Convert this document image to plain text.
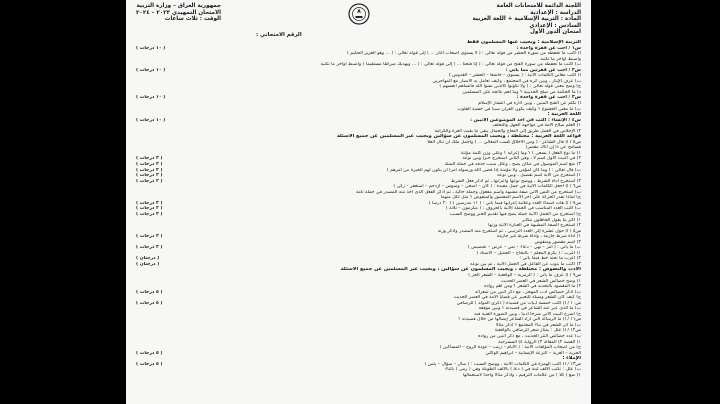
اللجنة الدائمة للامتحانات العامة
الدراسة : الإعدادية
المادة : التربية الإسلامية + اللغة العربية
السادس : الإعدادي
امتحان الدور الأول
جمهورية العراق – وزارة التربية
الامتحان التمهيدي ٢٠٢٣ – ٢٠٢٤
الوقت : ثلاث ساعات
الرقم الامتحاني :
التربية الإسلامية : ويجيب عنها المسلمون فقط
س١ / أجب عن فقرة واحدة :
( ١٠ درجات )
أ) اكتب ما تحفظه من سورة الحشر من قوله تعالى : ( لا يستوي أصحاب النار ... ) إلى قوله تعالى : ( ... وهو العزيز الحكيم )
واضبط أواخر ما تكتبه
ب) اكتب ما تحفظه من سورة الفتح من قوله تعالى : ( إنا فتحنا ... ) إلى قوله تعالى : ( ... ويهديك صراطا مستقيما ) واضبط أواخر ما تكتبه
س٢ / أجب عن فقرتين مما يأتي :
( ١٠ درجات )
أ) اكتب معاني الكلمات الآتية : ( يستوي – خاشعا – الحشر – القدوس )
ب) عرف الإيثار ، وبين أثره في المجتمع ، وكيف تعامل به الأنصار مع المهاجرين
ج) وضح معنى قوله تعالى : ( ولا تكونوا كالذين نسوا الله فأنساهم أنفسهم )
د) ما الحكمة من صلح الحديبية ؟ وما أهم نتائجه على المسلمين
س٣ / أجب عن فقرة واحدة :
( ١٠ درجات )
أ) تكلم عن الفتح المبين ، وبين آثاره في انتشار الإسلام
ب) ما معنى الخشوع ؟ وكيف يكون القرآن سببا في خشية القلوب
اللغة العربية :
س٤ / الإنشاء : اكتب في أحد الموضوعين الآتيين :
( ١٠ درجات )
١) العلم سلاح الأمة في مواجهة الجهل والتخلف
٢) الإخلاص في العمل طريق إلى النجاح والجمال يبقى ما بقيت العزة والكرامة
قواعد اللغة العربية : مختلطة ، ويجيب المسلمون عن سؤالين ويجيب غير المسلمين عن جميع الأسئلة
س٥ / أ) قال الشاعر : ( ومن الأخلاق كسب المعالي ... ) وأجمل ملك أن تنال العلا
فسامح عن ذا إن أتاك مقصرا
١) ما نوع الفعل ( يسعى ) ؟ وما إعرابه ؟ وعلى وزن كلمة مؤنثة
٢) في البيت الأول اسم لا ، وفي الثاني استخرج خبرا وبين نوعه
( ٣ درجات )
٣) ضع اسم الموصول في مكان يصح ، وعلل سبب حذفه في جملة الصلة
( ٣ درجات )
ب) قال تعالى : ( وما كان لمؤمن ولا مؤمنة إذا قضى الله ورسوله أمرا أن يكون لهم الخيرة من أمرهم )
( ٣ درجات )
١) استخرج من الآية اسم تفضيل ، وبين نوعه
( ٣ درجات )
٢) استخرج أداة الشرط ، ووضح نوعها وأعرابها ، ثم اذكر فعل الشرط
( ٢ درجات )
س٦ / أ) اجعل الكلمات الآتية في جمل مفيدة : ( كان – أضحى – وسوس – ازدحم – استغفر – زكى )
ب) استخرج من النص الآتي صفة مشبهة واسم مفعول وجملة حالية ، ثم اذكر الفعل الذي أخذ منه المصدر في جملة تامة
ج) لماذا تقدر الحركة على آخر الاسم المقصور والمنقوص ؟ مثل لكل منهما
س٧ / أ) هات أسماء العدد وعلامة إعرابها فيما يأتي : ( ١١ مدرسين ) ( ٢٠ درسا )
( ٣ درجات )
ب) اكتب العدد المناسب في الجملة الآتية بالحروف : ( مكرمون – ثلاثة )
( ٣ درجات )
ج) استخرج من الجمل الآتية جملة يصح فيها تقديم الخبر ووضح السبب
( ٣ درجات )
١) أكثر ما يقول الجاهلون مكابر
٢) استخرج الصفة المشبهة في العبارة الآتية وزنها
س٨ / أ) حول عشرة إلى العدد الترتيبي ، ثم استخرج منه المصدر واذكر وزنه
١) أداة شرط جازمة ، وأداة شرط غير جازمة
( ٣ درجات )
٢) اسم مقصور ومنقوص
ب) ما يأتي : ( أمر – نهي – دعاء – تمن – عرض – تحضيض )
( ٣ درجات )
١) أعرب : ( يكرم المعلم – بالنجاح – الجميل – الأستاذ )
٢) أعرب ما تحته خط فيما يأتي :
( درجتان )
٣) اكتب ما ينوب عن الفاعل في الجمل الآتية ، ثم بين نوعه
( درجتان )
الأدب والنصوص : مختلطة ، ويجيب المسلمون عن سؤالين ، ويجيب غير المسلمين عن جميع الأسئلة
س٩ / أ) عرف ما يأتي : ( الرمزية – الواقعية – الشعر الحر )
١) وضح خصائص الشعر في العصر الحديث
٢) ما المقصود بالتجديد في الشعر ؟ ومن أهم رواده
ب) اذكر خصائص أدب المهجر ، مع ذكر اثنين من شعرائه
( ٥ درجات )
ج) كيف كان الشعر وسيلة للتعبير عن قضايا الأمة في العصر الحديث
س١٠ / أ) اكتب خمسة أبيات من قصيدة ( ذكرى المولد ) للرصافي
( ٥ درجات )
ب) ما الذي عبر عنه الشاعر في قصيدته ؟ وبين موقفه
ج) اشرح البيت الآتي شرحا أدبيا ، وبين الصورة الفنية فيه
س١١ / أ) ما الرسالة التي أراد الشاعر إيصالها من خلال قصيدته ؟
ب) ما أثر الشعر في بناء المجتمع ؟ اذكر مثالا
س١٢ / أ) علل : يمتاز شعر الرصافي بالواقعية
ب) عدد خصائص النثر الحديث ، مع ذكر اثنين من رواده
١) القصة ٢) المقالة ٣) الرواية ٤) المسرحية
ج) من أصحاب المؤلفات الآتية : ( الأيام – زينب – عودة الروح – المساكين )
الحرية – الغربة – النزعة الإنسانية – ابراهيم الوائلي
( ٥ درجات )
الإملاء :
س١٣ / أ) اكتب الهمزة في الكلمات الآتية ، ووضح السبب : ( سأل – سؤال – يئس )
( ٥ درجات )
ب) علل : تكتب الألف لينة في ( دعا ) بالألف الطويلة وفي ( رمى ) بالياء
١) ضع ( كلا ) من علامات الترقيم ، واذكر مثالا واحدا لاستعمالها
